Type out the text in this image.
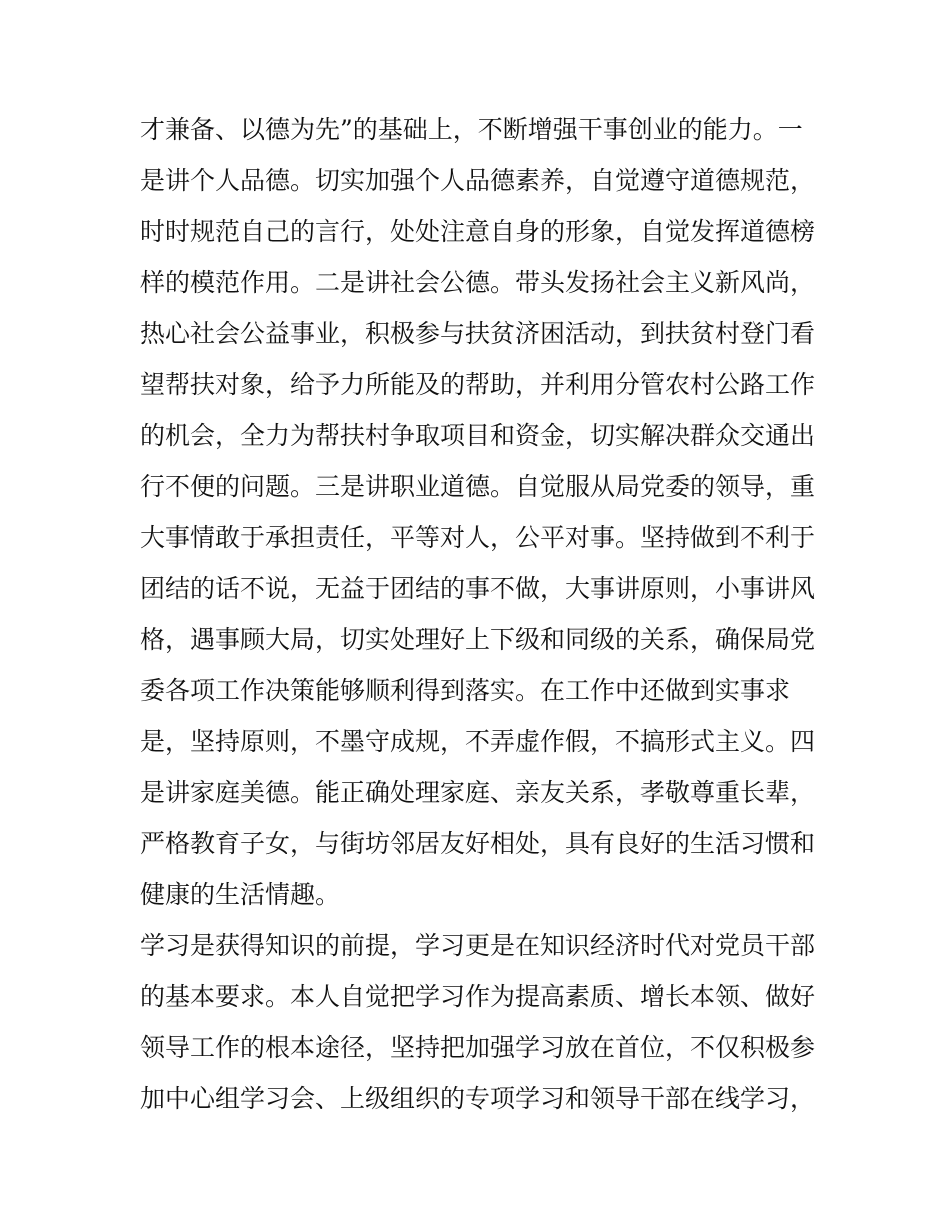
才兼备、以德为先”的基础上，不断增强干事创业的能力。一
是讲个人品德。切实加强个人品德素养，自觉遵守道德规范，
时时规范自己的言行，处处注意自身的形象，自觉发挥道德榜
样的模范作用。二是讲社会公德。带头发扬社会主义新风尚，
热心社会公益事业，积极参与扶贫济困活动，到扶贫村登门看
望帮扶对象，给予力所能及的帮助，并利用分管农村公路工作
的机会，全力为帮扶村争取项目和资金，切实解决群众交通出
行不便的问题。三是讲职业道德。自觉服从局党委的领导，重
大事情敢于承担责任，平等对人，公平对事。坚持做到不利于
团结的话不说，无益于团结的事不做，大事讲原则，小事讲风
格，遇事顾大局，切实处理好上下级和同级的关系，确保局党
委各项工作决策能够顺利得到落实。在工作中还做到实事求
是，坚持原则，不墨守成规，不弄虚作假，不搞形式主义。四
是讲家庭美德。能正确处理家庭、亲友关系，孝敬尊重长辈，
严格教育子女，与街坊邻居友好相处，具有良好的生活习惯和
健康的生活情趣。
学习是获得知识的前提，学习更是在知识经济时代对党员干部
的基本要求。本人自觉把学习作为提高素质、增长本领、做好
领导工作的根本途径，坚持把加强学习放在首位，不仅积极参
加中心组学习会、上级组织的专项学习和领导干部在线学习，
